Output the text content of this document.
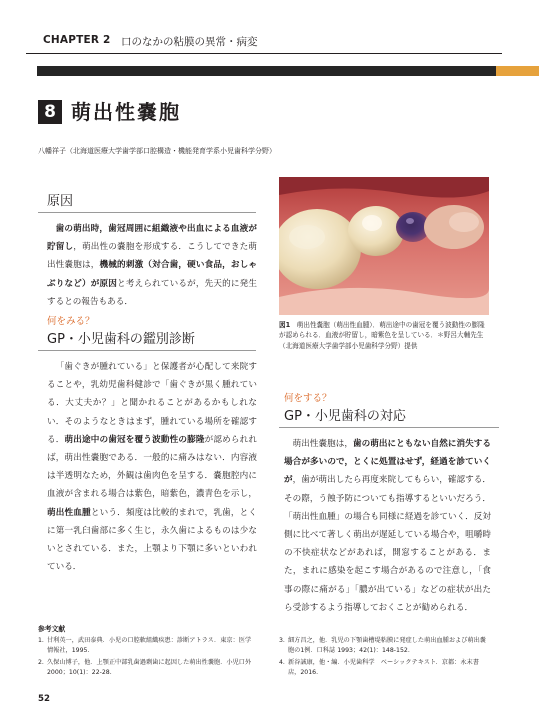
CHAPTER 2 口のなかの粘膜の異常・病変
8 萌出性嚢胞
八幡祥子（北海道医療大学歯学部口腔構造・機能発育学系小児歯科学分野）
原因
歯の萌出時，歯冠周囲に組織液や出血による血液が貯留し，萌出性の嚢胞を形成する．こうしてできた萌出性嚢胞は，機械的刺激（対合歯，硬い食品，おしゃぶりなど）が原因と考えられているが，先天的に発生するとの報告もある．
何をみる？
GP・小児歯科の鑑別診断
「歯ぐきが腫れている」と保護者が心配して来院することや，乳幼児歯科健診で「歯ぐきが黒く腫れている．大丈夫か？」と聞かれることがあるかもしれない．そのようなときはまず，腫れている場所を確認する．萌出途中の歯冠を覆う波動性の膨隆が認められれば，萌出性嚢胞である．一般的に痛みはない．内容液は半透明なため，外観は歯肉色を呈する．嚢胞腔内に血液が含まれる場合は紫色，暗紫色，濃青色を示し，萌出性血腫という．頻度は比較的まれで，乳歯，とくに第一乳臼歯部に多く生じ，永久歯によるものは少ないとされている．また，上顎より下顎に多いといわれている．
図1　 萌出性嚢胞（萌出性血腫）．萌出途中の歯冠を覆う波動性の膨隆が認められる．血液が貯留し，暗紫色を呈している．＊野呂大輔先生（北海道医療大学歯学部小児歯科学分野）提供
何をする？
GP・小児歯科の対応
萌出性嚢胞は，歯の萌出にともない自然に消失する場合が多いので，とくに処置はせず，経過を診ていくが，歯が萌出したら再度来院してもらい，確認する．その際，う蝕予防についても指導するといいだろう．「萌出性血腫」の場合も同様に経過を診ていく．反対側に比べて著しく萌出が遅延している場合や，咀嚼時の不快症状などがあれば，開窓することがある．また，まれに感染を起こす場合があるので注意し，「食事の際に痛がる」「膿が出ている」などの症状が出たら受診するよう指導しておくことが勧められる．
参考文献
1. 甘利英一，武田泰典．小児の口腔軟組織疾患：診断アトラス．東京：医学情報社，1995.
2. 久保山博子，他．上顎正中部乳歯過剰歯に起因した萌出性嚢胞．小児口外 2000；10(1)：22-28.
3. 細方昌之，他．乳児の下顎歯槽堤粘膜に発症した萌出血腫および萌出嚢胞の1例．口科誌 1993；42(1)：148-152.
4. 新谷誠康，他・編．小児歯科学　ベーシックテキスト．京都：永末書店，2016.
52
